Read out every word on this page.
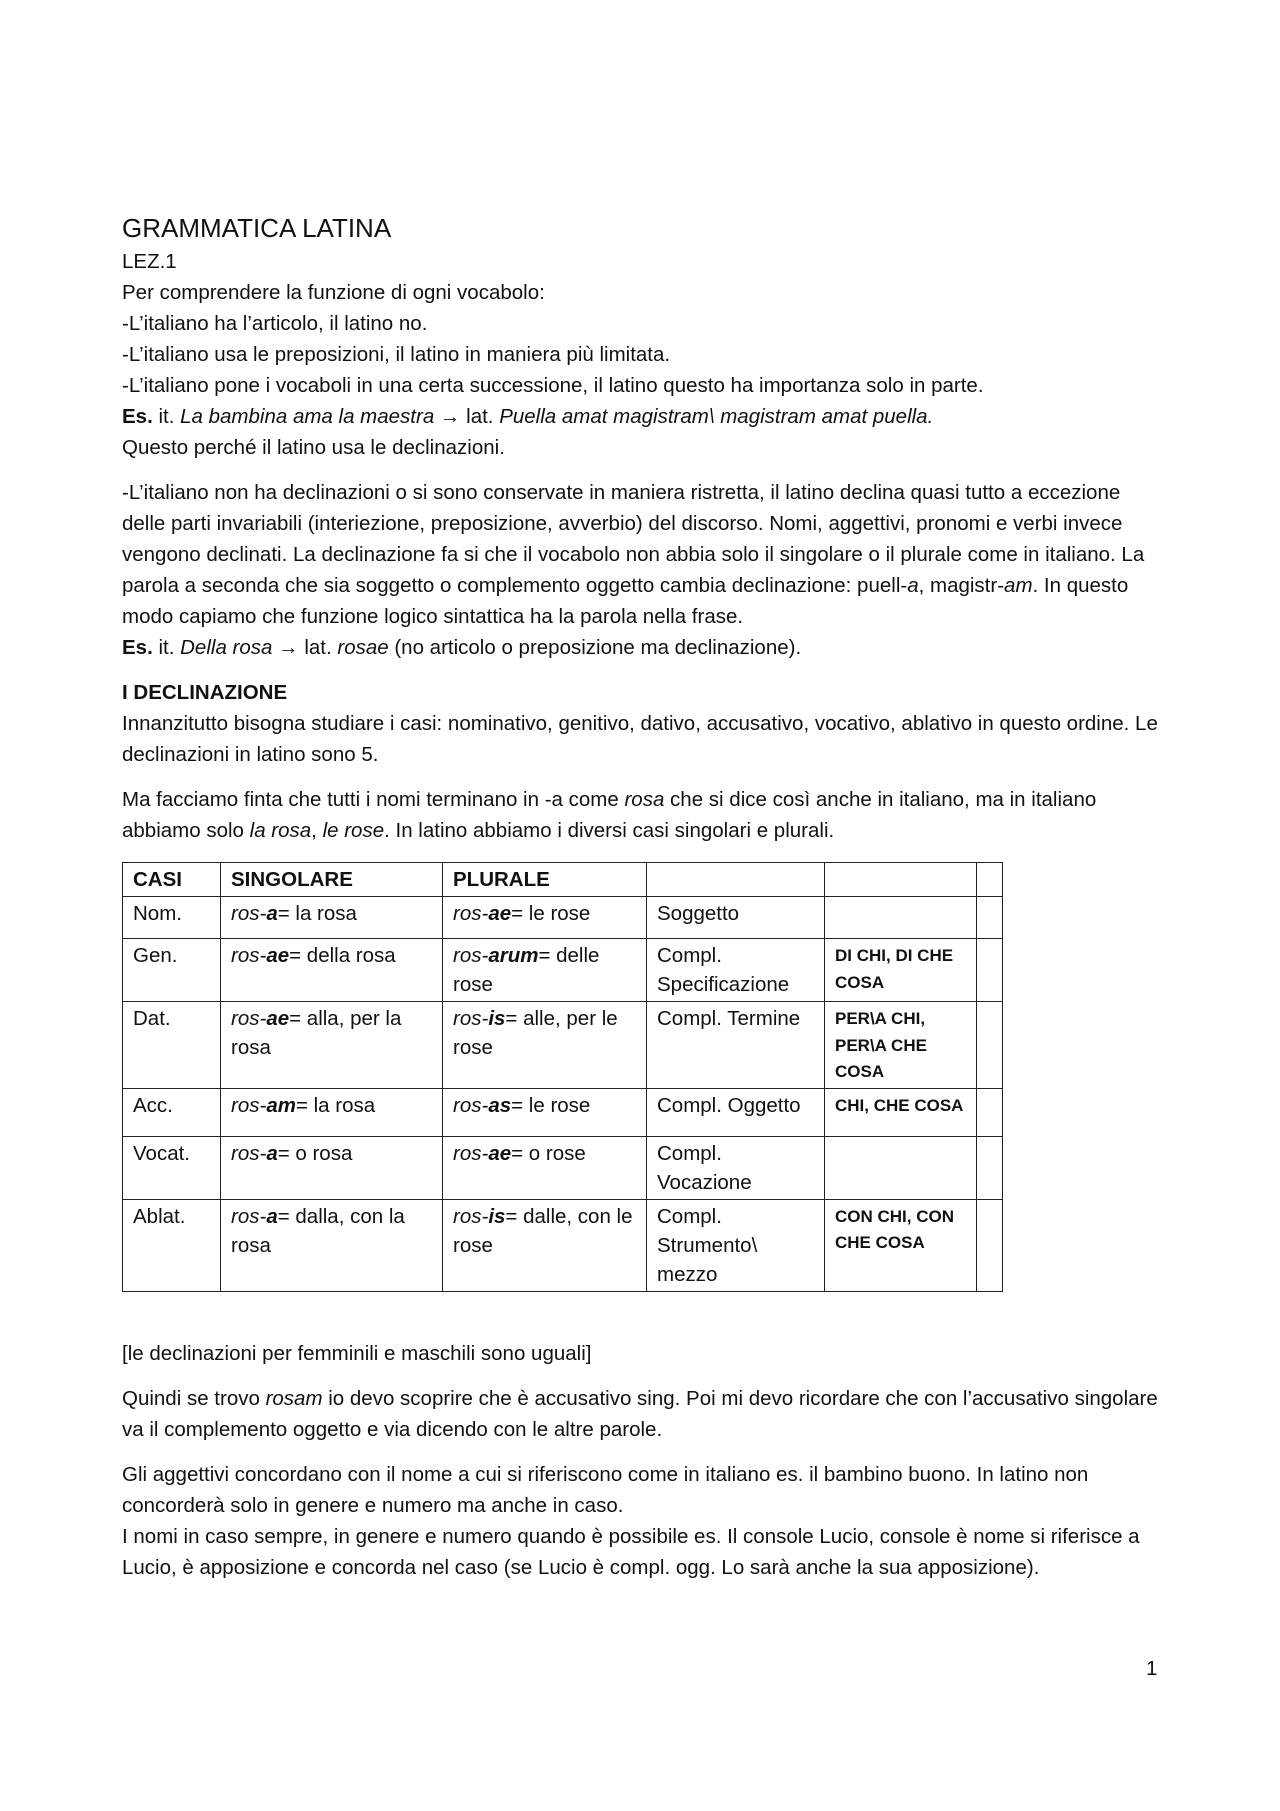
GRAMMATICA LATINA

LEZ.1

Per comprendere la funzione di ogni vocabolo:

-L’italiano ha l’articolo, il latino no.

-L’italiano usa le preposizioni, il latino in maniera più limitata.

-L’italiano pone i vocaboli in una certa successione, il latino questo ha importanza solo in parte.

Es. it. La bambina ama la maestra → lat. Puella amat magistram\ magistram amat puella.

Questo perché il latino usa le declinazioni.

-L’italiano non ha declinazioni o si sono conservate in maniera ristretta, il latino declina quasi tutto a eccezione delle parti invariabili (interiezione, preposizione, avverbio) del discorso. Nomi, aggettivi, pronomi e verbi invece vengono declinati. La declinazione fa si che il vocabolo non abbia solo il singolare o il plurale come in italiano. La parola a seconda che sia soggetto o complemento oggetto cambia declinazione: puell-a, magistr-am. In questo modo capiamo che funzione logico sintattica ha la parola nella frase.

Es. it. Della rosa → lat. rosae (no articolo o preposizione ma declinazione).

I DECLINAZIONE

Innanzitutto bisogna studiare i casi: nominativo, genitivo, dativo, accusativo, vocativo, ablativo in questo ordine. Le declinazioni in latino sono 5.

Ma facciamo finta che tutti i nomi terminano in -a come rosa che si dice così anche in italiano, ma in italiano abbiamo solo la rosa, le rose. In latino abbiamo i diversi casi singolari e plurali.

CASI	SINGOLARE	PLURALE			
Nom.	ros-a= la rosa	ros-ae= le rose	Soggetto		
Gen.	ros-ae= della rosa	ros-arum= delle rose	Compl. Specificazione	DI CHI, DI CHE COSA	
Dat.	ros-ae= alla, per la rosa	ros-is= alle, per le rose	Compl. Termine	PER\A CHI, PER\A CHE COSA	
Acc.	ros-am= la rosa	ros-as= le rose	Compl. Oggetto	CHI, CHE COSA	
Vocat.	ros-a= o rosa	ros-ae= o rose	Compl. Vocazione		
Ablat.	ros-a= dalla, con la rosa	ros-is= dalle, con le rose	Compl. Strumento\ mezzo	CON CHI, CON CHE COSA	

[le declinazioni per femminili e maschili sono uguali]

Quindi se trovo rosam io devo scoprire che è accusativo sing. Poi mi devo ricordare che con l’accusativo singolare va il complemento oggetto e via dicendo con le altre parole.

Gli aggettivi concordano con il nome a cui si riferiscono come in italiano es. il bambino buono. In latino non concorderà solo in genere e numero ma anche in caso.

I nomi in caso sempre, in genere e numero quando è possibile es. Il console Lucio, console è nome si riferisce a Lucio, è apposizione e concorda nel caso (se Lucio è compl. ogg. Lo sarà anche la sua apposizione).

1
